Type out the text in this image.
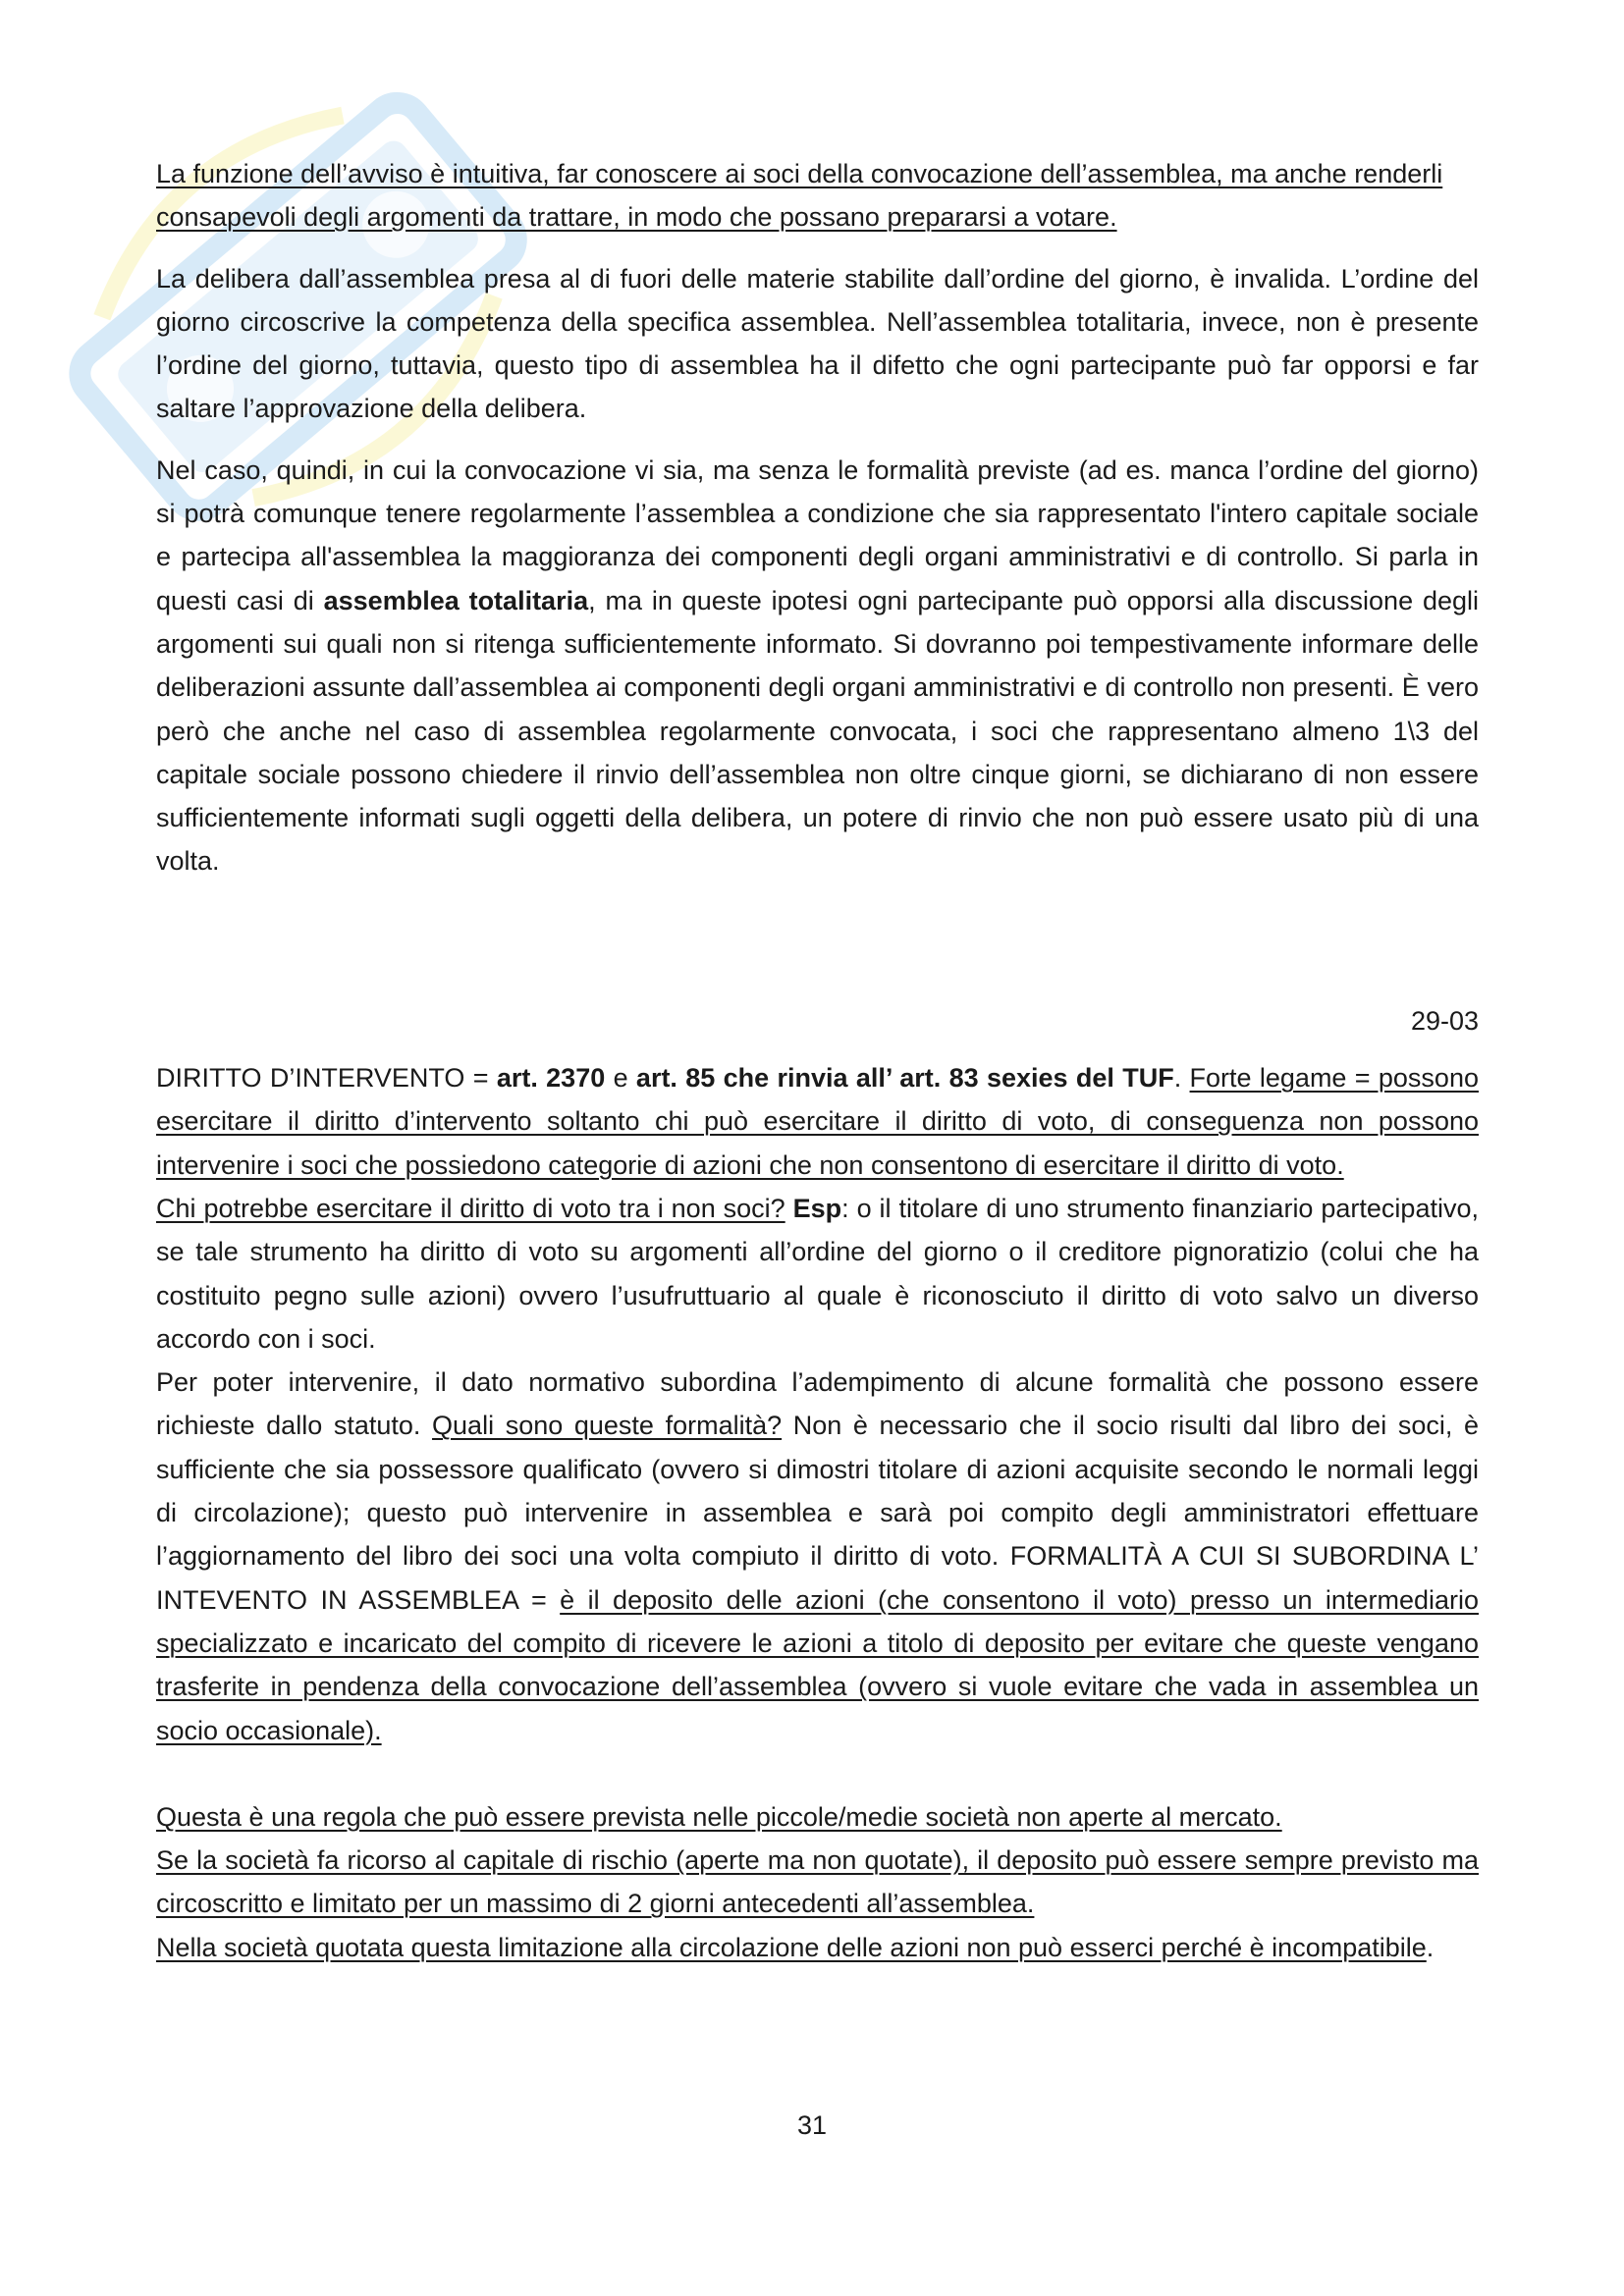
La funzione dell’avviso è intuitiva, far conoscere ai soci della convocazione dell’assemblea, ma anche renderli consapevoli degli argomenti da trattare, in modo che possano prepararsi a votare.

La delibera dall’assemblea presa al di fuori delle materie stabilite dall’ordine del giorno, è invalida. L’ordine del giorno circoscrive la competenza della specifica assemblea. Nell’assemblea totalitaria, invece, non è presente l’ordine del giorno, tuttavia, questo tipo di assemblea ha il difetto che ogni partecipante può far opporsi e far saltare l’approvazione della delibera.

Nel caso, quindi, in cui la convocazione vi sia, ma senza le formalità previste (ad es. manca l’ordine del giorno) si potrà comunque tenere regolarmente l’assemblea a condizione che sia rappresentato l'intero capitale sociale e partecipa all'assemblea la maggioranza dei componenti degli organi amministrativi e di controllo. Si parla in questi casi di assemblea totalitaria, ma in queste ipotesi ogni partecipante può opporsi alla discussione degli argomenti sui quali non si ritenga sufficientemente informato. Si dovranno poi tempestivamente informare delle deliberazioni assunte dall’assemblea ai componenti degli organi amministrativi e di controllo non presenti. È vero però che anche nel caso di assemblea regolarmente convocata, i soci che rappresentano almeno 1\3 del capitale sociale possono chiedere il rinvio dell’assemblea non oltre cinque giorni, se dichiarano di non essere sufficientemente informati sugli oggetti della delibera, un potere di rinvio che non può essere usato più di una volta.

29-03

DIRITTO D’INTERVENTO = art. 2370 e art. 85 che rinvia all’ art. 83 sexies del TUF. Forte legame = possono esercitare il diritto d’intervento soltanto chi può esercitare il diritto di voto, di conseguenza non possono intervenire i soci che possiedono categorie di azioni che non consentono di esercitare il diritto di voto.

Chi potrebbe esercitare il diritto di voto tra i non soci? Esp: o il titolare di uno strumento finanziario partecipativo, se tale strumento ha diritto di voto su argomenti all’ordine del giorno o il creditore pignoratizio (colui che ha costituito pegno sulle azioni) ovvero l’usufruttuario al quale è riconosciuto il diritto di voto salvo un diverso accordo con i soci.

Per poter intervenire, il dato normativo subordina l’adempimento di alcune formalità che possono essere richieste dallo statuto. Quali sono queste formalità? Non è necessario che il socio risulti dal libro dei soci, è sufficiente che sia possessore qualificato (ovvero si dimostri titolare di azioni acquisite secondo le normali leggi di circolazione); questo può intervenire in assemblea e sarà poi compito degli amministratori effettuare l’aggiornamento del libro dei soci una volta compiuto il diritto di voto. FORMALITÀ A CUI SI SUBORDINA L’ INTEVENTO IN ASSEMBLEA = è il deposito delle azioni (che consentono il voto) presso un intermediario specializzato e incaricato del compito di ricevere le azioni a titolo di deposito per evitare che queste vengano trasferite in pendenza della convocazione dell’assemblea (ovvero si vuole evitare che vada in assemblea un socio occasionale).

Questa è una regola che può essere prevista nelle piccole/medie società non aperte al mercato.

Se la società fa ricorso al capitale di rischio (aperte ma non quotate), il deposito può essere sempre previsto ma circoscritto e limitato per un massimo di 2 giorni antecedenti all’assemblea.

Nella società quotata questa limitazione alla circolazione delle azioni non può esserci perché è incompatibile.

31
